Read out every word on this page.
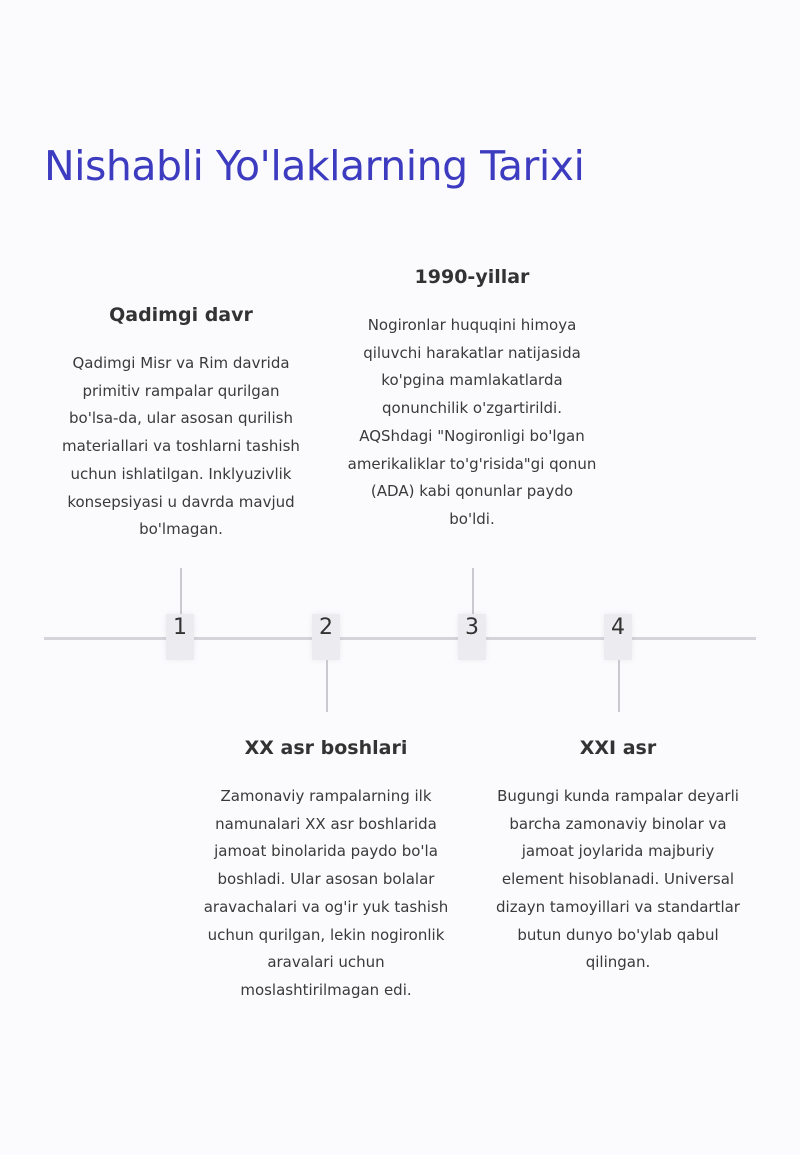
Nishabli Yo'laklarning Tarixi
1
Qadimgi davr

Qadimgi Misr va Rim davrida primitiv rampalar qurilgan bo'lsa-da, ular asosan qurilish materiallari va toshlarni tashish uchun ishlatilgan. Inklyuzivlik konsepsiyasi u davrda mavjud bo'lmagan.

2
XX asr boshlari

Zamonaviy rampalarning ilk namunalari XX asr boshlarida jamoat binolarida paydo bo'la boshladi. Ular asosan bolalar aravachalari va og'ir yuk tashish uchun qurilgan, lekin nogironlik aravalari uchun moslashtirilmagan edi.

3
1990-yillar

Nogironlar huquqini himoya qiluvchi harakatlar natijasida ko'pgina mamlakatlarda qonunchilik o'zgartirildi. AQShdagi "Nogironligi bo'lgan amerikaliklar to'g'risida"gi qonun (ADA) kabi qonunlar paydo bo'ldi.

4
XXI asr

Bugungi kunda rampalar deyarli barcha zamonaviy binolar va jamoat joylarida majburiy element hisoblanadi. Universal dizayn tamoyillari va standartlar butun dunyo bo'ylab qabul qilingan.
